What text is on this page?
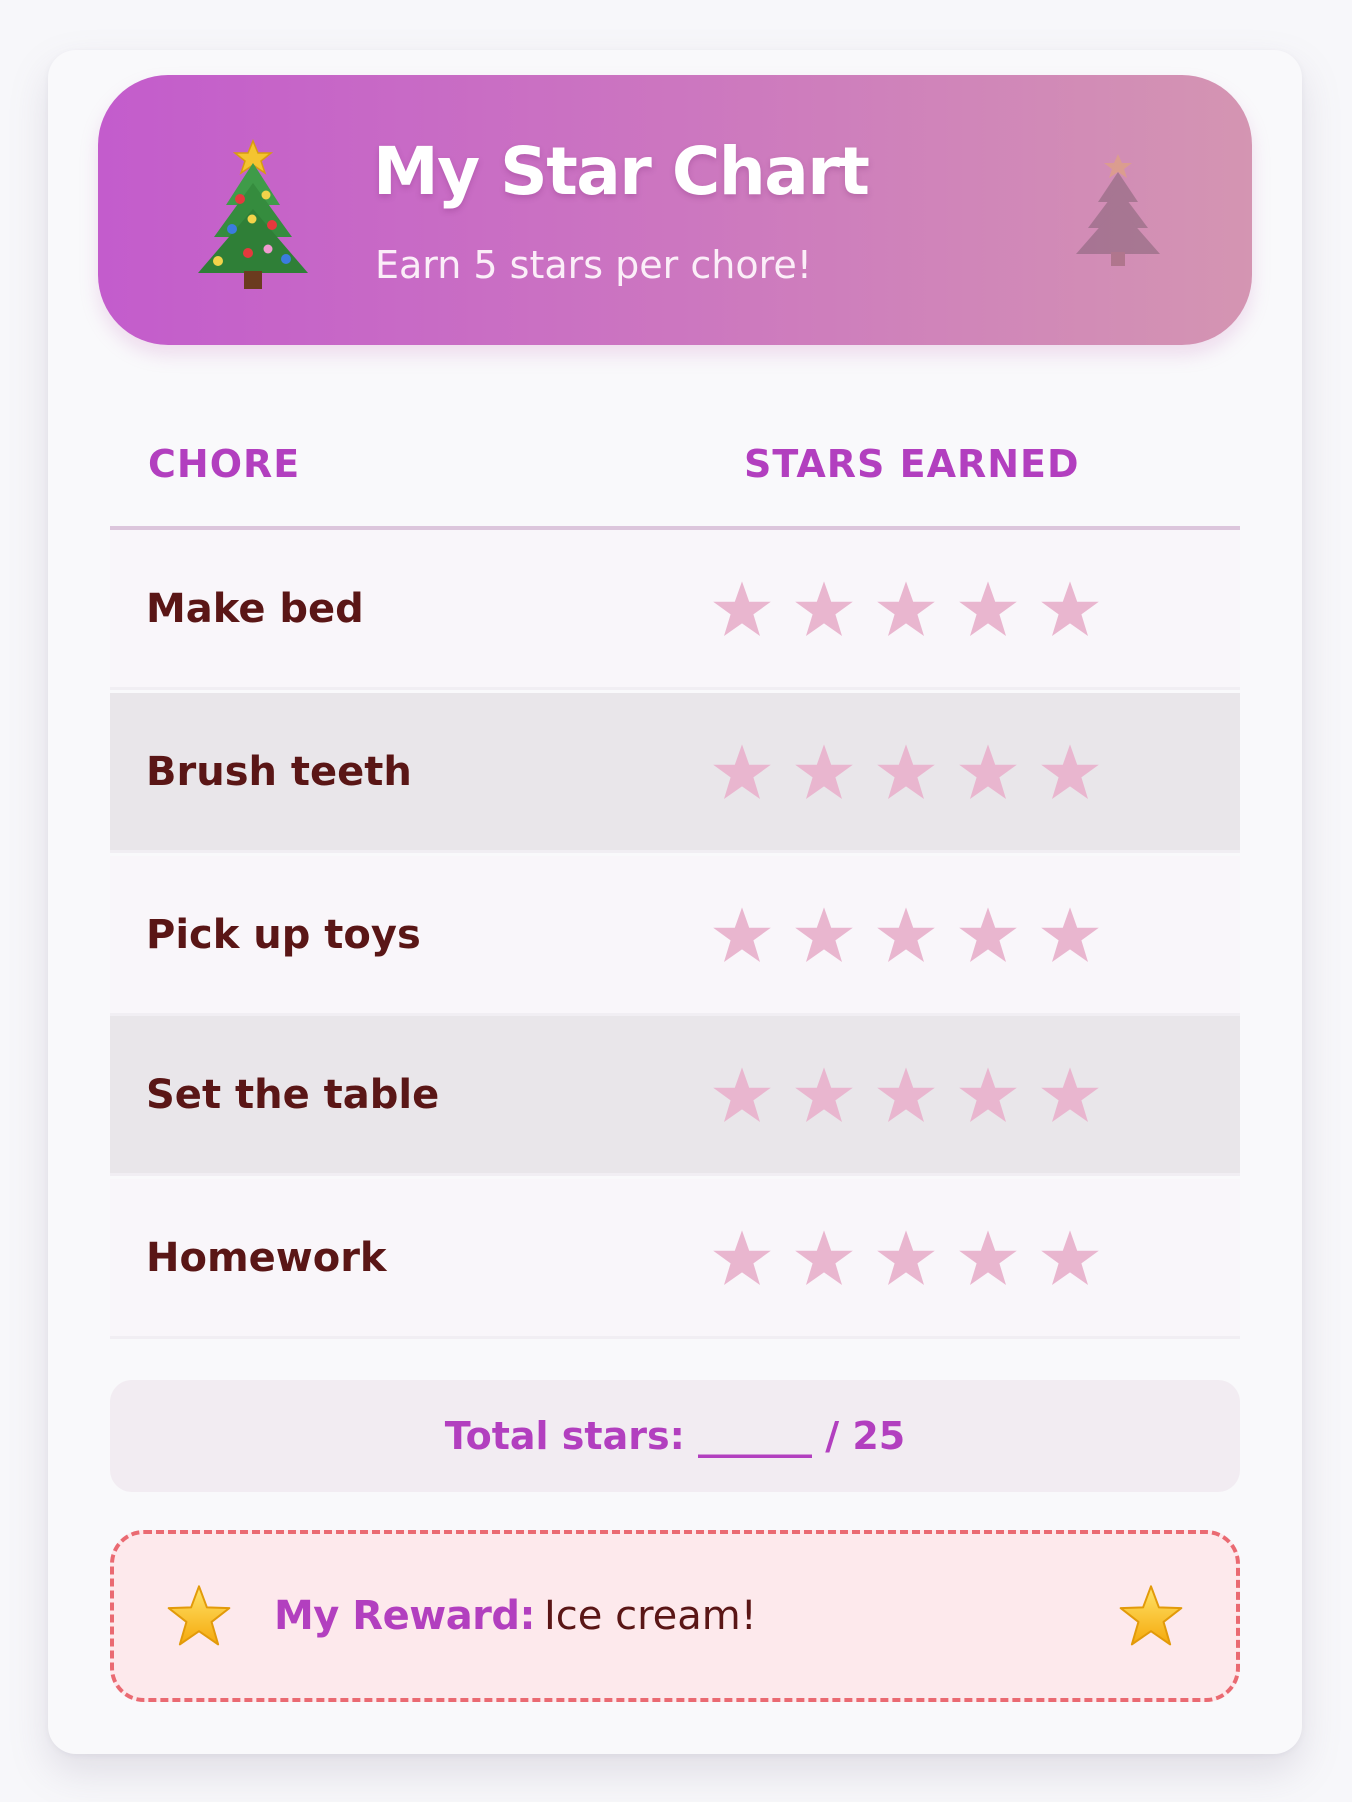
My Star Chart
Earn 5 stars per chore!
CHORE	STARS EARNED
Make bed
Brush teeth
Pick up toys
Set the table
Homework
Total stars: ______ / 25
My Reward: Ice cream!
